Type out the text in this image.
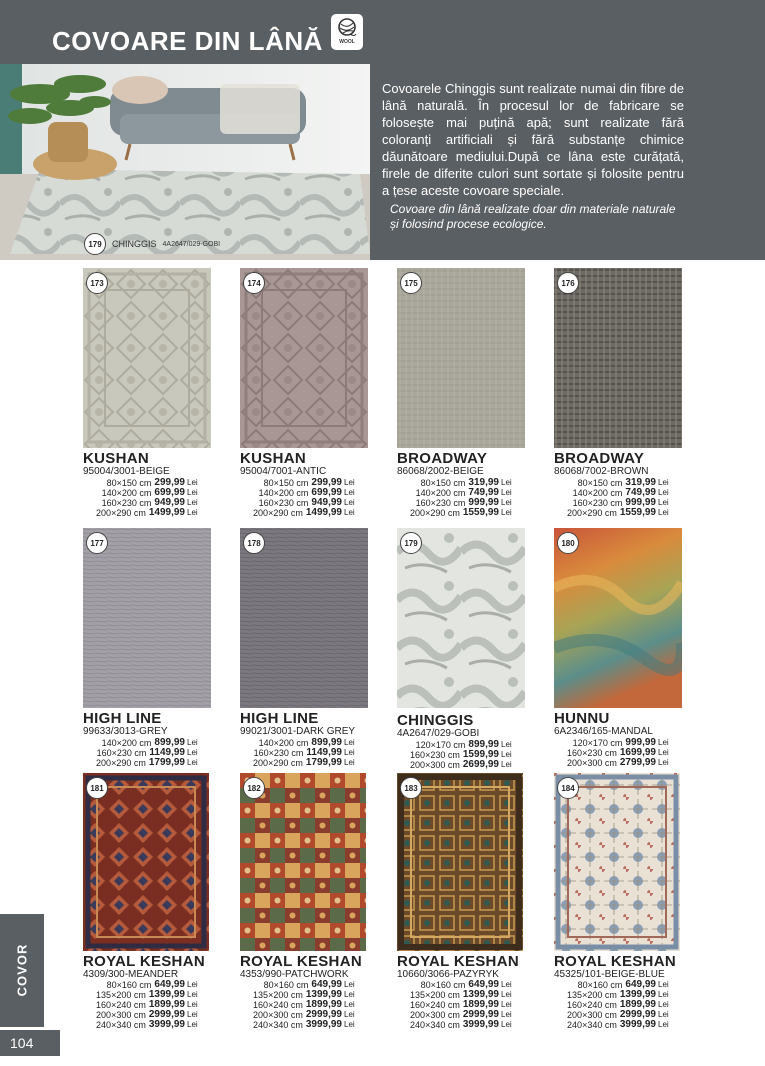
COVOARE DIN LÂNĂ	WOOL
179	CHINGGIS 4A2647/029-GOBI

Covoarele Chinggis sunt realizate numai din fibre de lână naturală. În procesul lor de fabricare se folosește mai puțină apă; sunt realizate fără coloranți artificiali și fără substanțe chimice dăunătoare mediului.După ce lâna este curățată, firele de diferite culori sunt sortate și folosite pentru a țese aceste covoare speciale.

Covoare din lână realizate doar din materiale naturale și folosind procese ecologice.

173
KUSHAN
95004/3001-BEIGE
80×150 cm 299,99 Lei
140×200 cm 699,99 Lei
160×230 cm 949,99 Lei
200×290 cm 1499,99 Lei
174
KUSHAN
95004/7001-ANTIC
80×150 cm 299,99 Lei
140×200 cm 699,99 Lei
160×230 cm 949,99 Lei
200×290 cm 1499,99 Lei
175
BROADWAY
86068/2002-BEIGE
80×150 cm 319,99 Lei
140×200 cm 749,99 Lei
160×230 cm 999,99 Lei
200×290 cm 1559,99 Lei
176
BROADWAY
86068/7002-BROWN
80×150 cm 319,99 Lei
140×200 cm 749,99 Lei
160×230 cm 999,99 Lei
200×290 cm 1559,99 Lei
177
HIGH LINE
99633/3013-GREY
140×200 cm 899,99 Lei
160×230 cm 1149,99 Lei
200×290 cm 1799,99 Lei
178
HIGH LINE
99021/3001-DARK GREY
140×200 cm 899,99 Lei
160×230 cm 1149,99 Lei
200×290 cm 1799,99 Lei
179
CHINGGIS
4A2647/029-GOBI
120×170 cm 899,99 Lei
160×230 cm 1599,99 Lei
200×300 cm 2699,99 Lei
180
HUNNU
6A2346/165-MANDAL
120×170 cm 999,99 Lei
160×230 cm 1699,99 Lei
200×300 cm 2799,99 Lei
181
ROYAL KESHAN
4309/300-MEANDER
80×160 cm 649,99 Lei
135×200 cm 1399,99 Lei
160×240 cm 1899,99 Lei
200×300 cm 2999,99 Lei
240×340 cm 3999,99 Lei
182
ROYAL KESHAN
4353/990-PATCHWORK
80×160 cm 649,99 Lei
135×200 cm 1399,99 Lei
160×240 cm 1899,99 Lei
200×300 cm 2999,99 Lei
240×340 cm 3999,99 Lei
183
ROYAL KESHAN
10660/3066-PAZYRYK
80×160 cm 649,99 Lei
135×200 cm 1399,99 Lei
160×240 cm 1899,99 Lei
200×300 cm 2999,99 Lei
240×340 cm 3999,99 Lei
184
ROYAL KESHAN
45325/101-BEIGE-BLUE
80×160 cm 649,99 Lei
135×200 cm 1399,99 Lei
160×240 cm 1899,99 Lei
200×300 cm 2999,99 Lei
240×340 cm 3999,99 Lei
COVOR
104
